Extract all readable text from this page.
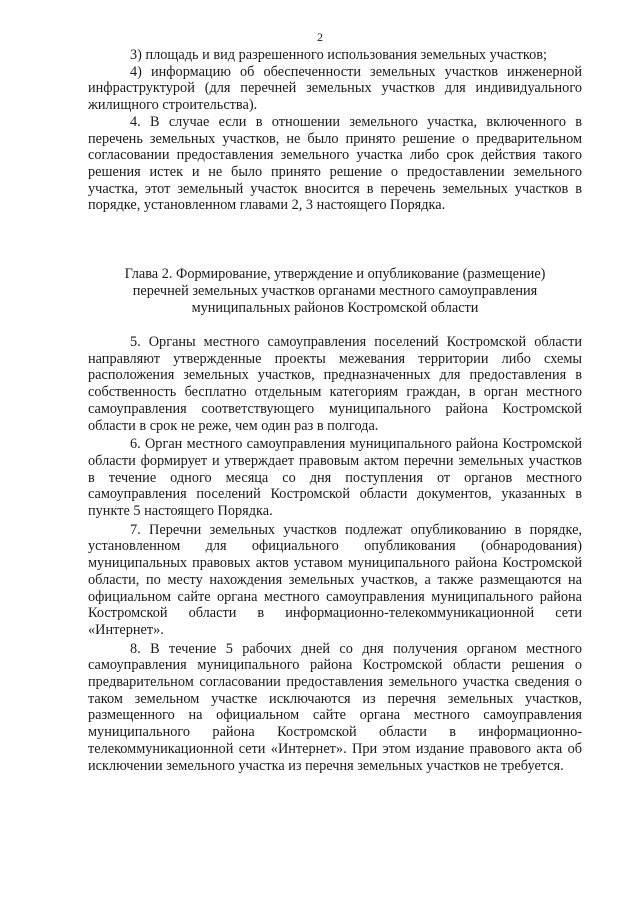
2

3) площадь и вид разрешенного использования земельных участков;

4) информацию об обеспеченности земельных участков инженерной инфраструктурой (для перечней земельных участков для индивидуального жилищного строительства).

4. В случае если в отношении земельного участка, включенного в перечень земельных участков, не было принято решение о предварительном согласовании предоставления земельного участка либо срок действия такого решения истек и не было принято решение о предоставлении земельного участка, этот земельный участок вносится в перечень земельных участков в порядке, установленном главами 2, 3 настоящего Порядка.

Глава 2. Формирование, утверждение и опубликование (размещение)
перечней земельных участков органами местного самоуправления
муниципальных районов Костромской области

5. Органы местного самоуправления поселений Костромской области направляют утвержденные проекты межевания территории либо схемы расположения земельных участков, предназначенных для предоставления в собственность бесплатно отдельным категориям граждан, в орган местного самоуправления соответствующего муниципального района Костромской области в срок не реже, чем один раз в полгода.

6. Орган местного самоуправления муниципального района Костромской области формирует и утверждает правовым актом перечни земельных участков в течение одного месяца со дня поступления от органов местного самоуправления поселений Костромской области документов, указанных в пункте 5 настоящего Порядка.

7. Перечни земельных участков подлежат опубликованию в порядке, установленном для официального опубликования (обнародования) муниципальных правовых актов уставом муниципального района Костромской области, по месту нахождения земельных участков, а также размещаются на официальном сайте органа местного самоуправления муниципального района Костромской области в информационно-телекоммуникационной сети «Интернет».

8. В течение 5 рабочих дней со дня получения органом местного самоуправления муниципального района Костромской области решения о предварительном согласовании предоставления земельного участка сведения о таком земельном участке исключаются из перечня земельных участков, размещенного на официальном сайте органа местного самоуправления муниципального района Костромской области в информационно-телекоммуникационной сети «Интернет». При этом издание правового акта об исключении земельного участка из перечня земельных участков не требуется.
